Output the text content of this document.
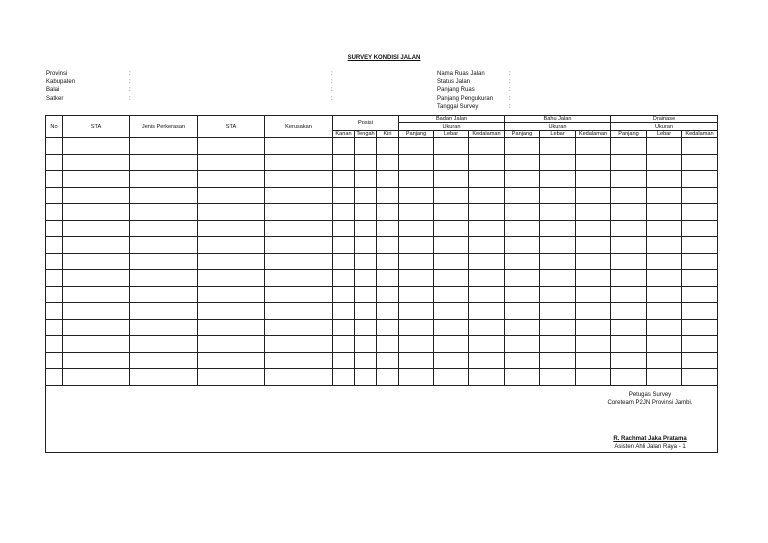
SURVEY KONDISI JALAN
Provinsi	:	:
Kabupaten	:	:
Balai	:	:
Satker	:	:
Nama Ruas Jalan	:
Status Jalan	:
Panjang Ruas	:
Panjang Pengukuran	:
Tanggal Survey	:
No	STA	Jenis Perkerasan	STA	Kerusakan	Posisi			Badan Jalan			Bahu Jalan			Drainase		
								Ukuran			Ukuran			Ukuran		
					Kanan	Tengah	Kiri	Panjang	Lebar	Kedalaman	Panjang	Lebar	Kedalaman	Panjang	Lebar	Kedalaman

Petugas Survey
Coreteam P2JN Provinsi Jambi.
R. Rachmat Jaka Pratama
Asisten Ahli Jalan Raya - 1
